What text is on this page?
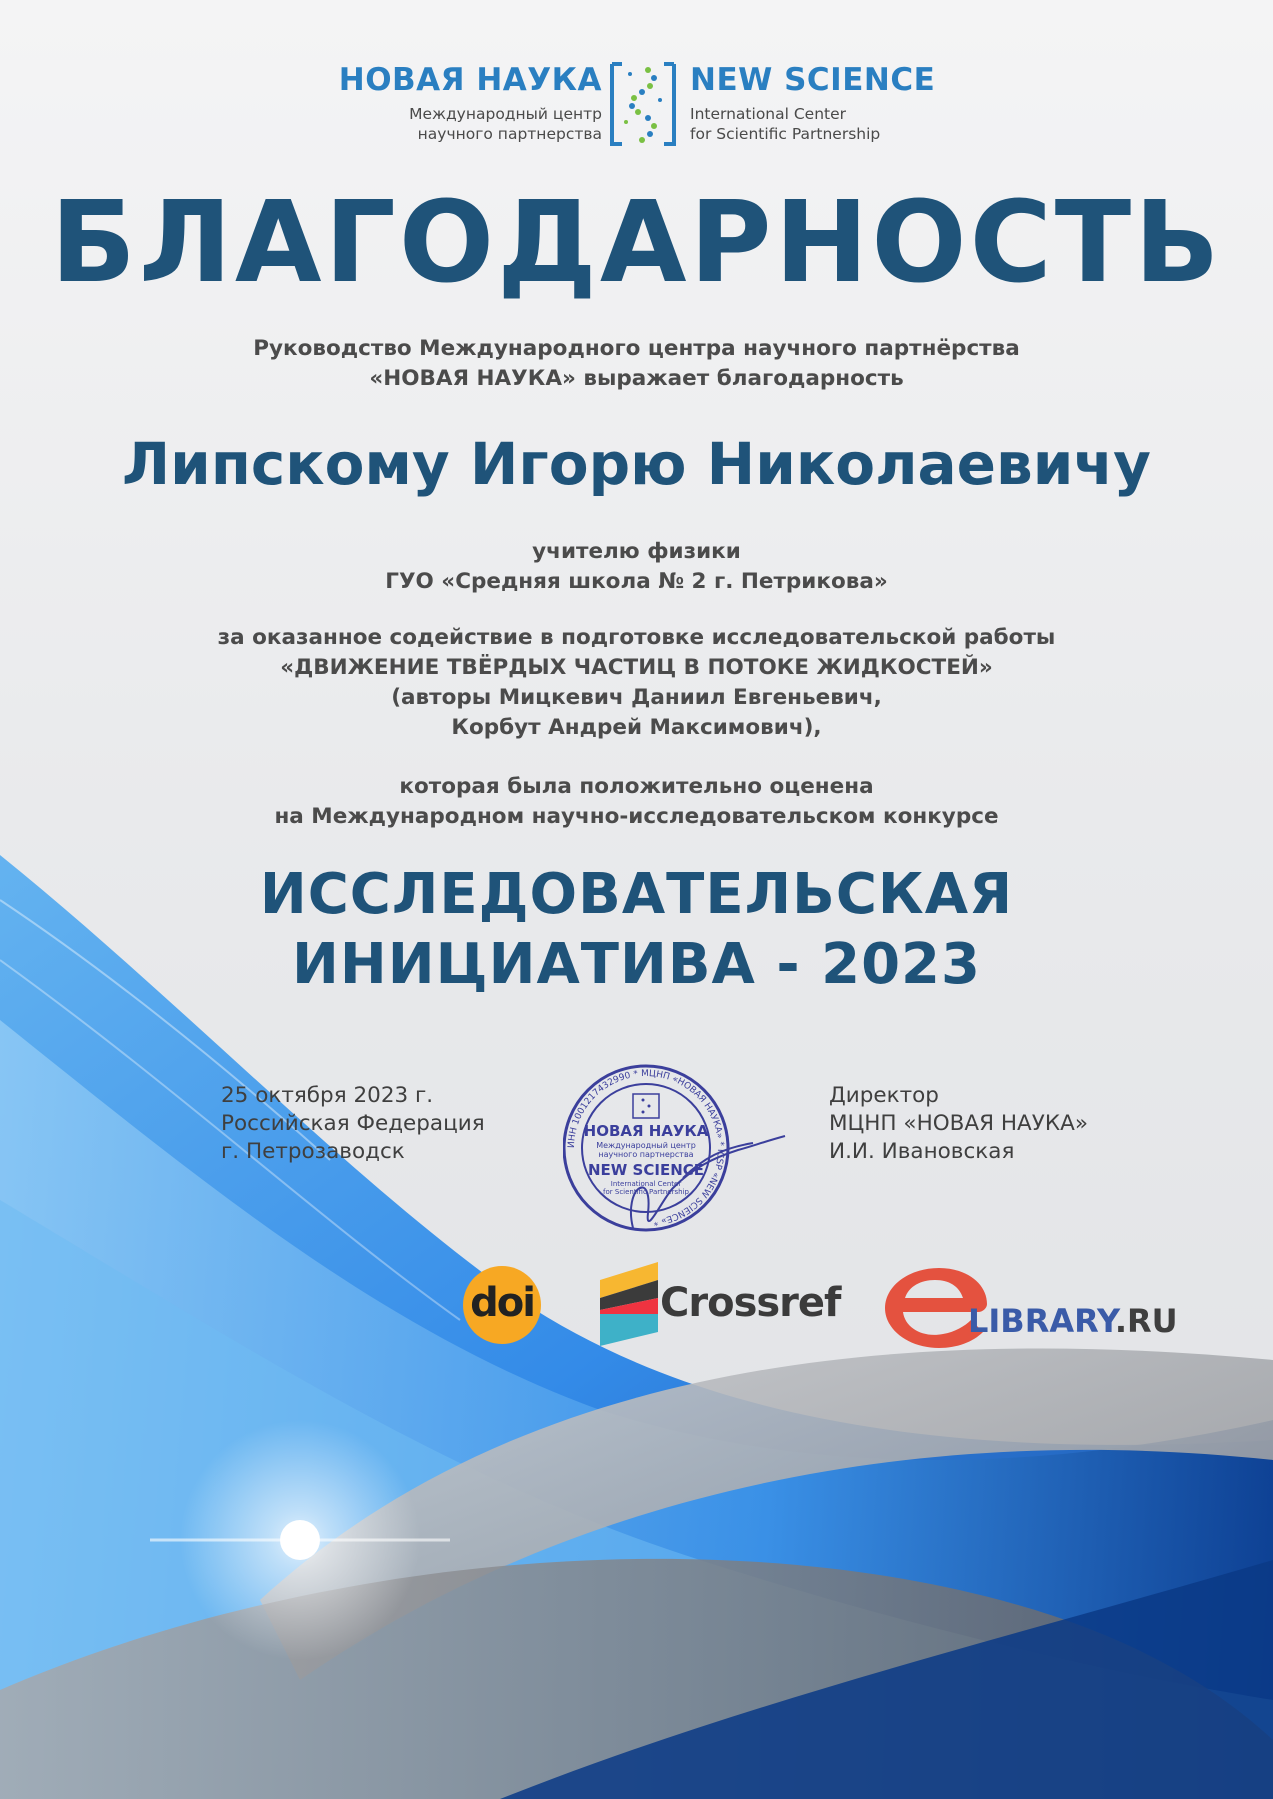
НОВАЯ НАУКА
Международный центр
научного партнерства
NEW SCIENCE
International Center
for Scientific Partnership
БЛАГОДАРНОСТЬ
Руководство Международного центра научного партнёрства
«НОВАЯ НАУКА» выражает благодарность
Липскому Игорю Николаевичу
учителю физики
ГУО «Средняя школа № 2 г. Петрикова»
за оказанное содействие в подготовке исследовательской работы
«ДВИЖЕНИЕ ТВЁРДЫХ ЧАСТИЦ В ПОТОКЕ ЖИДКОСТЕЙ»
(авторы Мицкевич Даниил Евгеньевич,
Корбут Андрей Максимович),
которая была положительно оценена
на Международном научно-исследовательском конкурсе
ИССЛЕДОВАТЕЛЬСКАЯ
ИНИЦИАТИВА - 2023
25 октября 2023 г.
Российская Федерация
г. Петрозаводск	ИНН 1001217432990 * МЦНП «НОВАЯ НАУКА» * ICSP «NEW SCIENCE» *
НОВАЯ НАУКА
Международный центр
научного партнерства
NEW SCIENCE
International Center
for Scientific Partnership
Директор
МЦНП «НОВАЯ НАУКА»
И.И. Ивановская
doi	Crossref	LIBRARY.RU
